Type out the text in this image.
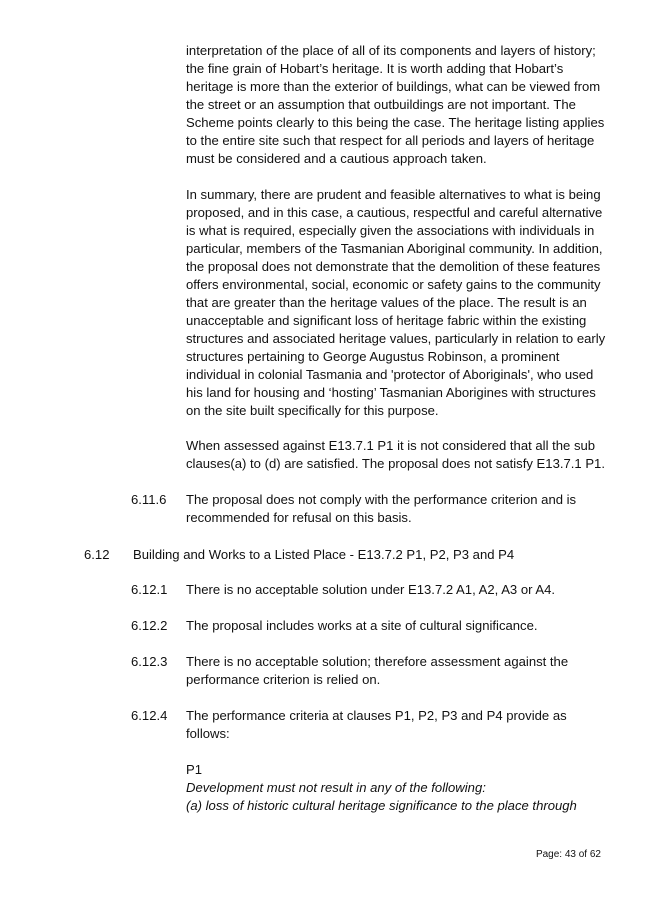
interpretation of the place of all of its components and layers of history; the fine grain of Hobart’s heritage. It is worth adding that Hobart’s heritage is more than the exterior of buildings, what can be viewed from the street or an assumption that outbuildings are not important. The Scheme points clearly to this being the case. The heritage listing applies to the entire site such that respect for all periods and layers of heritage must be considered and a cautious approach taken.

In summary, there are prudent and feasible alternatives to what is being proposed, and in this case, a cautious, respectful and careful alternative is what is required, especially given the associations with individuals in particular, members of the Tasmanian Aboriginal community. In addition, the proposal does not demonstrate that the demolition of these features offers environmental, social, economic or safety gains to the community that are greater than the heritage values of the place. The result is an unacceptable and significant loss of heritage fabric within the existing structures and associated heritage values, particularly in relation to early structures pertaining to George Augustus Robinson, a prominent individual in colonial Tasmania and 'protector of Aboriginals', who used his land for housing and ‘hosting’ Tasmanian Aborigines with structures on the site built specifically for this purpose.

When assessed against E13.7.1 P1 it is not considered that all the sub clauses(a) to (d) are satisfied. The proposal does not satisfy E13.7.1 P1.

6.11.6 The proposal does not comply with the performance criterion and is recommended for refusal on this basis.

6.12 Building and Works to a Listed Place - E13.7.2 P1, P2, P3 and P4

6.12.1 There is no acceptable solution under E13.7.2 A1, A2, A3 or A4.

6.12.2 The proposal includes works at a site of cultural significance.

6.12.3 There is no acceptable solution; therefore assessment against the performance criterion is relied on.

6.12.4 The performance criteria at clauses P1, P2, P3 and P4 provide as follows:

P1

Development must not result in any of the following:

(a) loss of historic cultural heritage significance to the place through

Page: 43 of 62
